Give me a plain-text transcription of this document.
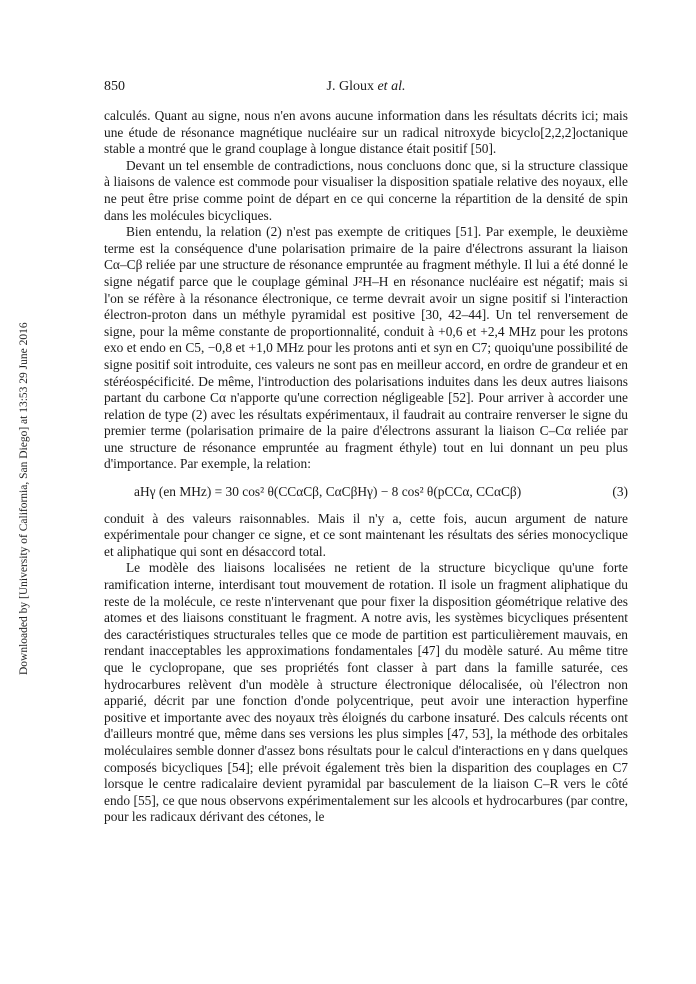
Downloaded by [University of California, San Diego] at 13:53 29 June 2016
850	J. Gloux et al.

calculés. Quant au signe, nous n'en avons aucune information dans les résultats décrits ici; mais une étude de résonance magnétique nucléaire sur un radical nitroxyde bicyclo[2,2,2]octanique stable a montré que le grand couplage à longue distance était positif [50].

Devant un tel ensemble de contradictions, nous concluons donc que, si la structure classique à liaisons de valence est commode pour visualiser la disposition spatiale relative des noyaux, elle ne peut être prise comme point de départ en ce qui concerne la répartition de la densité de spin dans les molécules bicycliques.

Bien entendu, la relation (2) n'est pas exempte de critiques [51]. Par exemple, le deuxième terme est la conséquence d'une polarisation primaire de la paire d'électrons assurant la liaison Cα–Cβ reliée par une structure de résonance empruntée au fragment méthyle. Il lui a été donné le signe négatif parce que le couplage géminal J²H–H en résonance nucléaire est négatif; mais si l'on se réfère à la résonance électronique, ce terme devrait avoir un signe positif si l'interaction électron-proton dans un méthyle pyramidal est positive [30, 42–44]. Un tel renversement de signe, pour la même constante de proportionnalité, conduit à +0,6 et +2,4 MHz pour les protons exo et endo en C5, −0,8 et +1,0 MHz pour les protons anti et syn en C7; quoiqu'une possibilité de signe positif soit introduite, ces valeurs ne sont pas en meilleur accord, en ordre de grandeur et en stéréospécificité. De même, l'introduction des polarisations induites dans les deux autres liaisons partant du carbone Cα n'apporte qu'une correction négligeable [52]. Pour arriver à accorder une relation de type (2) avec les résultats expérimentaux, il faudrait au contraire renverser le signe du premier terme (polarisation primaire de la paire d'électrons assurant la liaison C–Cα reliée par une structure de résonance empruntée au fragment éthyle) tout en lui donnant un peu plus d'importance. Par exemple, la relation:

aHγ (en MHz) = 30 cos² θ(CCαCβ, CαCβHγ) − 8 cos² θ(pCCα, CCαCβ)	(3)

conduit à des valeurs raisonnables. Mais il n'y a, cette fois, aucun argument de nature expérimentale pour changer ce signe, et ce sont maintenant les résultats des séries monocyclique et aliphatique qui sont en désaccord total.

Le modèle des liaisons localisées ne retient de la structure bicyclique qu'une forte ramification interne, interdisant tout mouvement de rotation. Il isole un fragment aliphatique du reste de la molécule, ce reste n'intervenant que pour fixer la disposition géométrique relative des atomes et des liaisons constituant le fragment. A notre avis, les systèmes bicycliques présentent des caractéristiques structurales telles que ce mode de partition est particulièrement mauvais, en rendant inacceptables les approximations fondamentales [47] du modèle saturé. Au même titre que le cyclopropane, que ses propriétés font classer à part dans la famille saturée, ces hydrocarbures relèvent d'un modèle à structure électronique délocalisée, où l'électron non apparié, décrit par une fonction d'onde polycentrique, peut avoir une interaction hyperfine positive et importante avec des noyaux très éloignés du carbone insaturé. Des calculs récents ont d'ailleurs montré que, même dans ses versions les plus simples [47, 53], la méthode des orbitales moléculaires semble donner d'assez bons résultats pour le calcul d'interactions en γ dans quelques composés bicycliques [54]; elle prévoit également très bien la disparition des couplages en C7 lorsque le centre radicalaire devient pyramidal par basculement de la liaison C–R vers le côté endo [55], ce que nous observons expérimentalement sur les alcools et hydrocarbures (par contre, pour les radicaux dérivant des cétones, le
